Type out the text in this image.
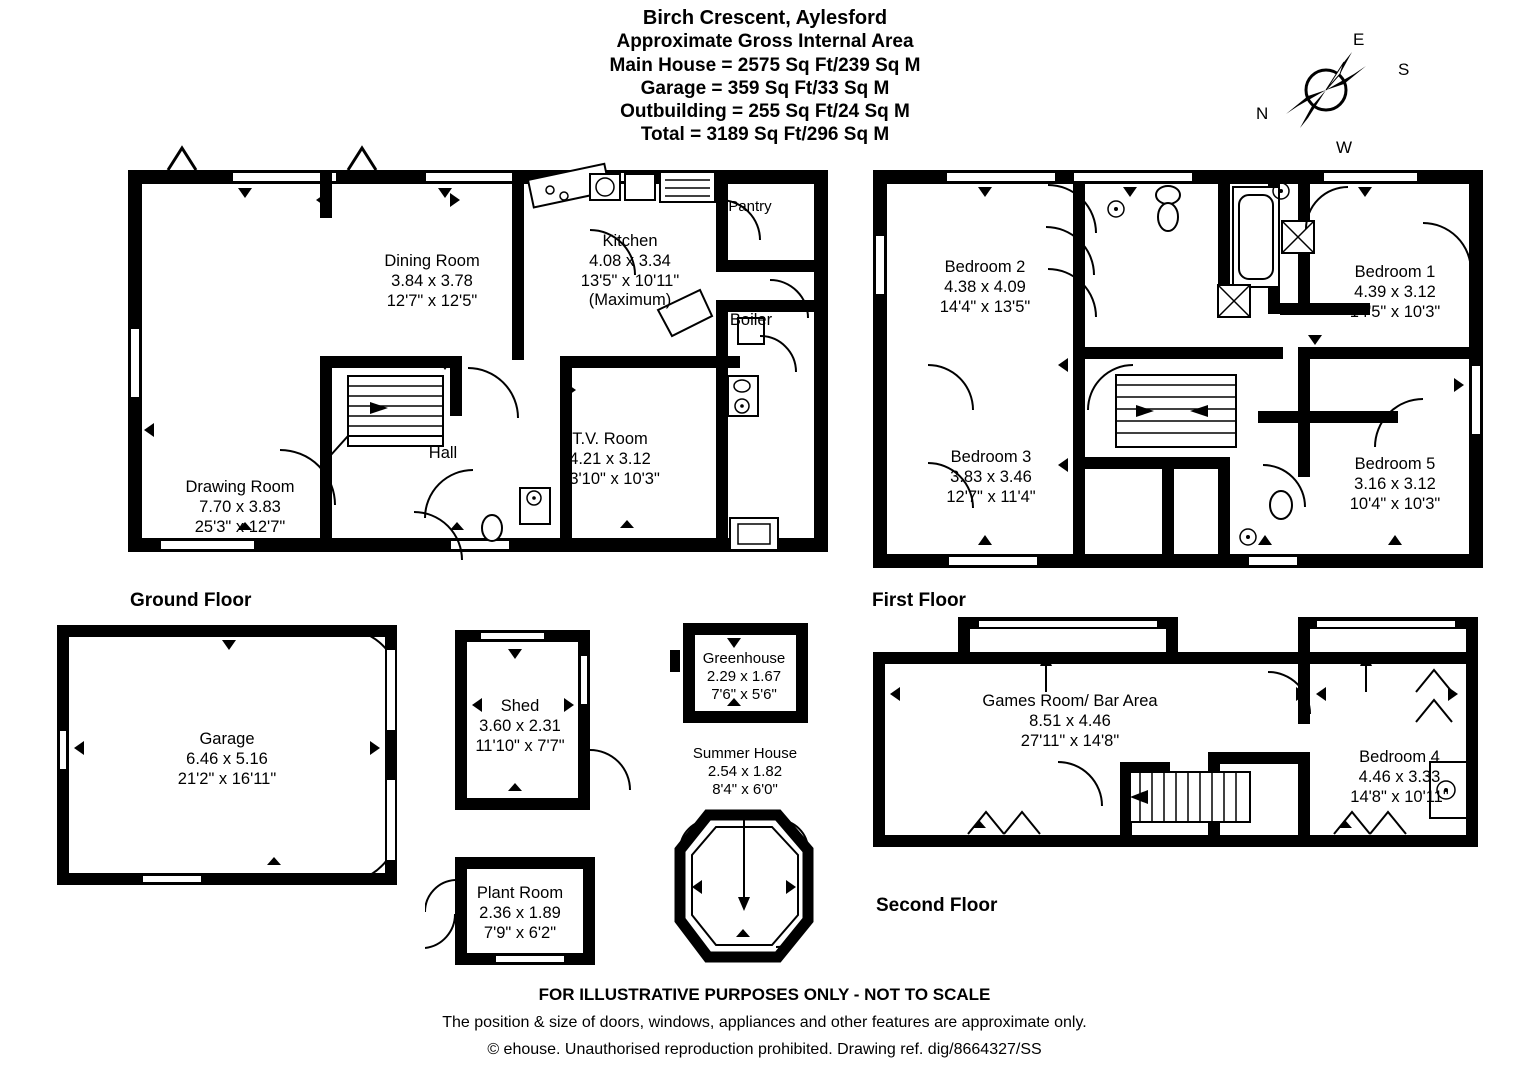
Birch Crescent, Aylesford
Approximate Gross Internal Area
Main House = 2575 Sq Ft/239 Sq M
Garage = 359 Sq Ft/33 Sq M
Outbuilding = 255 Sq Ft/24 Sq M
Total = 3189 Sq Ft/296 Sq M
E
S
N
W
Drawing Room
7.70 x 3.83
25'3" x 12'7"
Dining Room
3.84 x 3.78
12'7" x 12'5"
Kitchen
4.08 x 3.34
13'5" x 10'11"
(Maximum)
Pantry
Boiler
Hall
T.V. Room
4.21 x 3.12
13'10" x 10'3"
Ground Floor
Bedroom 2
4.38 x 4.09
14'4" x 13'5"
Bedroom 1
4.39 x 3.12
14'5" x 10'3"
Bedroom 3
3.83 x 3.46
12'7" x 11'4"
Bedroom 5
3.16 x 3.12
10'4" x 10'3"
First Floor
Garage
6.46 x 5.16
21'2" x 16'11"
Shed
3.60 x 2.31
11'10" x 7'7"
Greenhouse
2.29 x 1.67
7'6" x 5'6"
Summer House
2.54 x 1.82
8'4" x 6'0"
Plant Room
2.36 x 1.89
7'9" x 6'2"
Games Room/ Bar Area
8.51 x 4.46
27'11" x 14'8"
Bedroom 4
4.46 x 3.33
14'8" x 10'11"
Second Floor
FOR ILLUSTRATIVE PURPOSES ONLY - NOT TO SCALE
The position & size of doors, windows, appliances and other features are approximate only.
© ehouse. Unauthorised reproduction prohibited. Drawing ref. dig/8664327/SS
